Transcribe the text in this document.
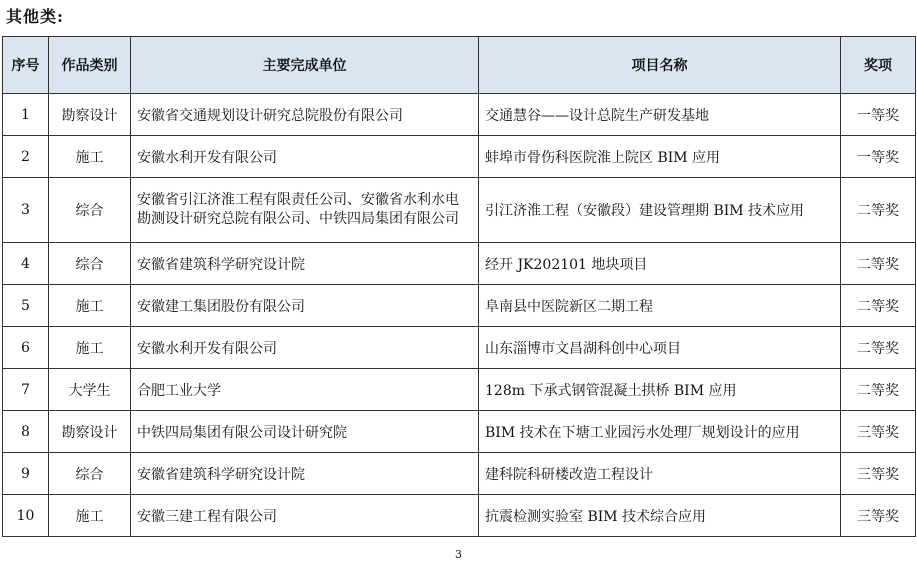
其他类:
序号	作品类别	主要完成单位	项目名称	奖项
1	勘察设计	安徽省交通规划设计研究总院股份有限公司	交通慧谷——设计总院生产研发基地	一等奖
2	施工	安徽水利开发有限公司	蚌埠市骨伤科医院淮上院区 BIM 应用	一等奖
3	综合	安徽省引江济淮工程有限责任公司、安徽省水利水电勘测设计研究总院有限公司、中铁四局集团有限公司	引江济淮工程（安徽段）建设管理期 BIM 技术应用	二等奖
4	综合	安徽省建筑科学研究设计院	经开 JK202101 地块项目	二等奖
5	施工	安徽建工集团股份有限公司	阜南县中医院新区二期工程	二等奖
6	施工	安徽水利开发有限公司	山东淄博市文昌湖科创中心项目	二等奖
7	大学生	合肥工业大学	128m 下承式钢管混凝土拱桥 BIM 应用	二等奖
8	勘察设计	中铁四局集团有限公司设计研究院	BIM 技术在下塘工业园污水处理厂规划设计的应用	三等奖
9	综合	安徽省建筑科学研究设计院	建科院科研楼改造工程设计	三等奖
10	施工	安徽三建工程有限公司	抗震检测实验室 BIM 技术综合应用	三等奖
3
